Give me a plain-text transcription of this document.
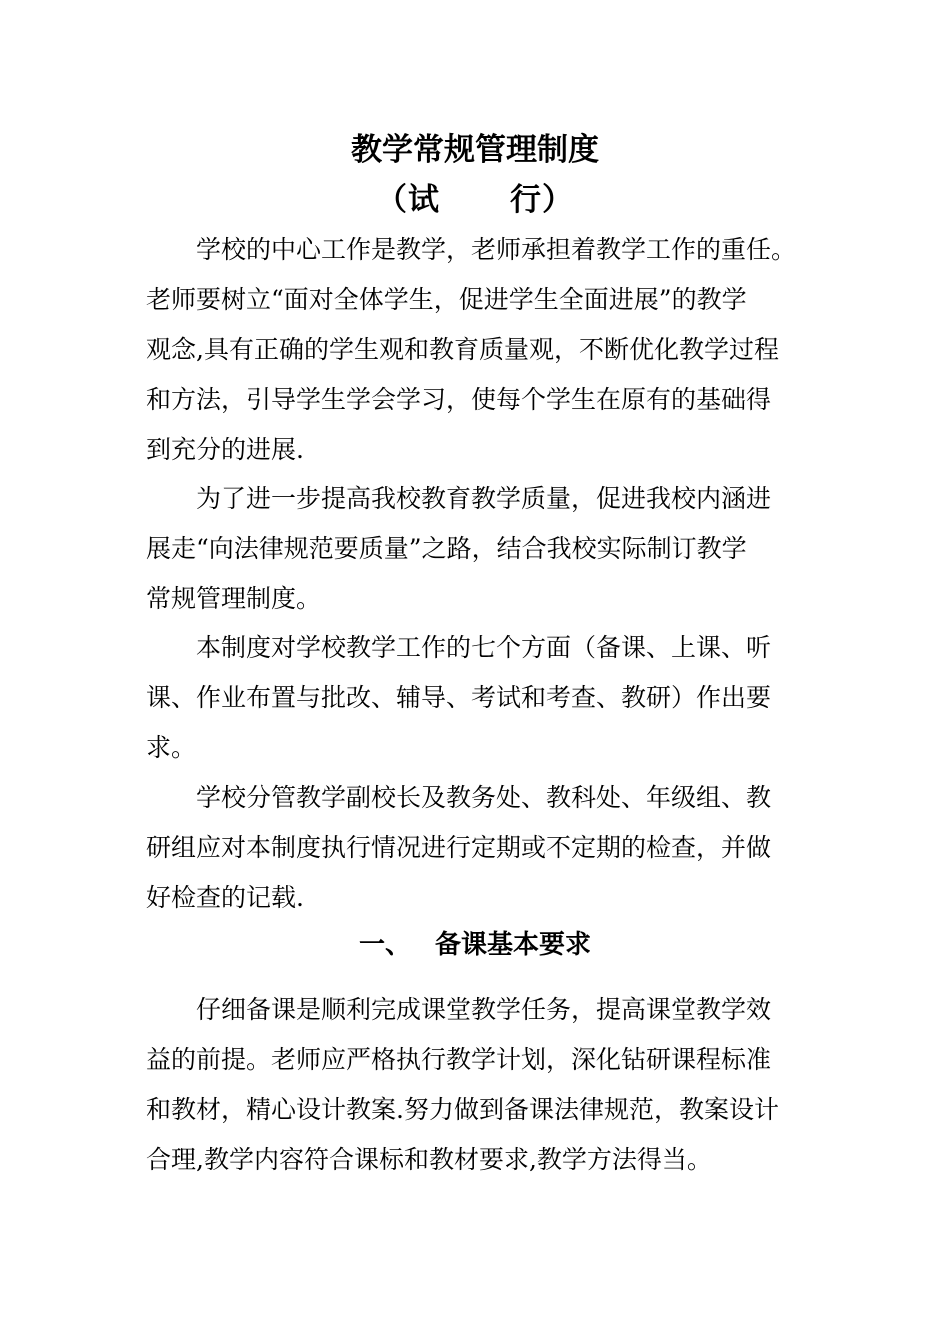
教学常规管理制度
（试 行）
学校的中心工作是教学，老师承担着教学工作的重任。
老师要树立“面对全体学生，促进学生全面进展”的教学
观念,具有正确的学生观和教育质量观，不断优化教学过程
和方法，引导学生学会学习，使每个学生在原有的基础得
到充分的进展.
为了进一步提高我校教育教学质量，促进我校内涵进
展走“向法律规范要质量”之路，结合我校实际制订教学
常规管理制度。
本制度对学校教学工作的七个方面（备课、上课、听
课、作业布置与批改、辅导、考试和考查、教研）作出要
求。
学校分管教学副校长及教务处、教科处、年级组、教
研组应对本制度执行情况进行定期或不定期的检查，并做
好检查的记载.
一、 备课基本要求
仔细备课是顺利完成课堂教学任务，提高课堂教学效
益的前提。老师应严格执行教学计划，深化钻研课程标准
和教材，精心设计教案.努力做到备课法律规范，教案设计
合理,教学内容符合课标和教材要求,教学方法得当。
